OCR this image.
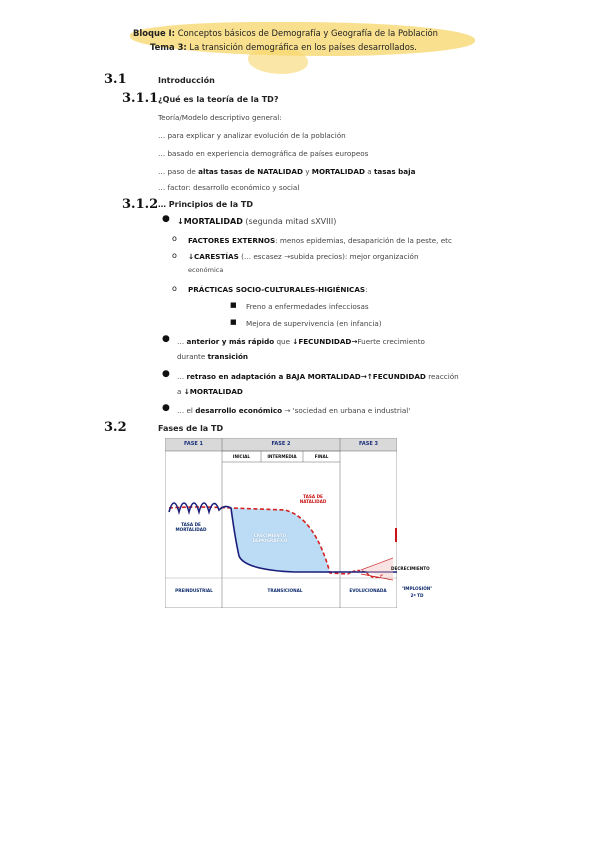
Bloque I: Conceptos básicos de Demografía y Geografía de la Población
Tema 3: La transición demográfica en los países desarrollados.
3.1	Introducción
3.1.1 ¿Qué es la teoría de la TD?
Teoría/Modelo descriptivo general:
… para explicar y analizar evolución de la población
… basado en experiencia demográfica de países europeos
… paso de altas tasas de NATALIDAD y MORTALIDAD a tasas baja
… factor: desarrollo económico y social
3.1.2 … Principios de la TD
● ↓MORTALIDAD (segunda mitad sXVIII)
o FACTORES EXTERNOS: menos epidemias, desaparición de la peste, etc
o ↓CARESTÍAS (… escasez →subida precios): mejor organización
económica
o PRÁCTICAS SOCIO-CULTURALES-HIGIÉNICAS:
■ Freno a enfermedades infecciosas
■ Mejora de supervivencia (en infancia)
● … anterior y más rápido que ↓FECUNDIDAD→Fuerte crecimiento
durante transición
● … retraso en adaptación a BAJA MORTALIDAD→↑FECUNDIDAD reacción
a ↓MORTALIDAD
● … el desarrollo económico → 'sociedad en urbana e industrial'
3.2	Fases de la TD
FASE 1	FASE 2	FASE 3
INICIAL	INTERMEDIA	FINAL
TASA DE NATALIDAD
TASA DE MORTALIDAD
CRECIMIENTO DEMOGRÁFICO
DECRECIMIENTO
PREINDUSTRIAL	TRANSICIONAL	EVOLUCIONADA	"IMPLOSIÓN"
2ª TD
